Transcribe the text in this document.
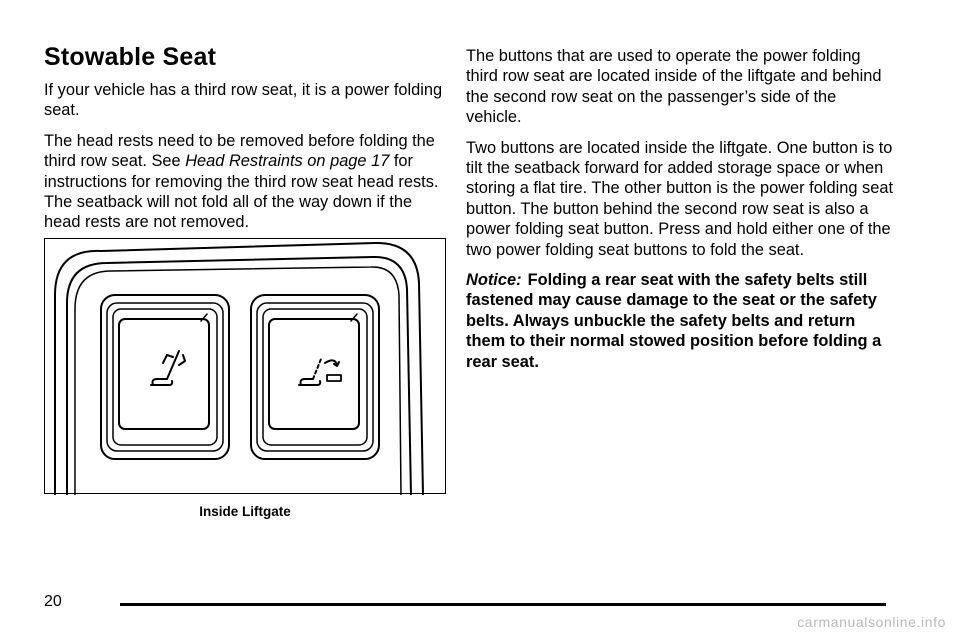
Stowable Seat

If your vehicle has a third row seat, it is a power folding seat.

The head rests need to be removed before folding the third row seat. See Head Restraints on page 17 for instructions for removing the third row seat head rests. The seatback will not fold all of the way down if the head rests are not removed.

Inside Liftgate

The buttons that are used to operate the power folding third row seat are located inside of the liftgate and behind the second row seat on the passenger’s side of the vehicle.

Two buttons are located inside the liftgate. One button is to tilt the seatback forward for added storage space or when storing a flat tire. The other button is the power folding seat button. The button behind the second row seat is also a power folding seat button. Press and hold either one of the two power folding seat buttons to fold the seat.

Notice: Folding a rear seat with the safety belts still fastened may cause damage to the seat or the safety belts. Always unbuckle the safety belts and return them to their normal stowed position before folding a rear seat.

20
carmanualsonline.info
